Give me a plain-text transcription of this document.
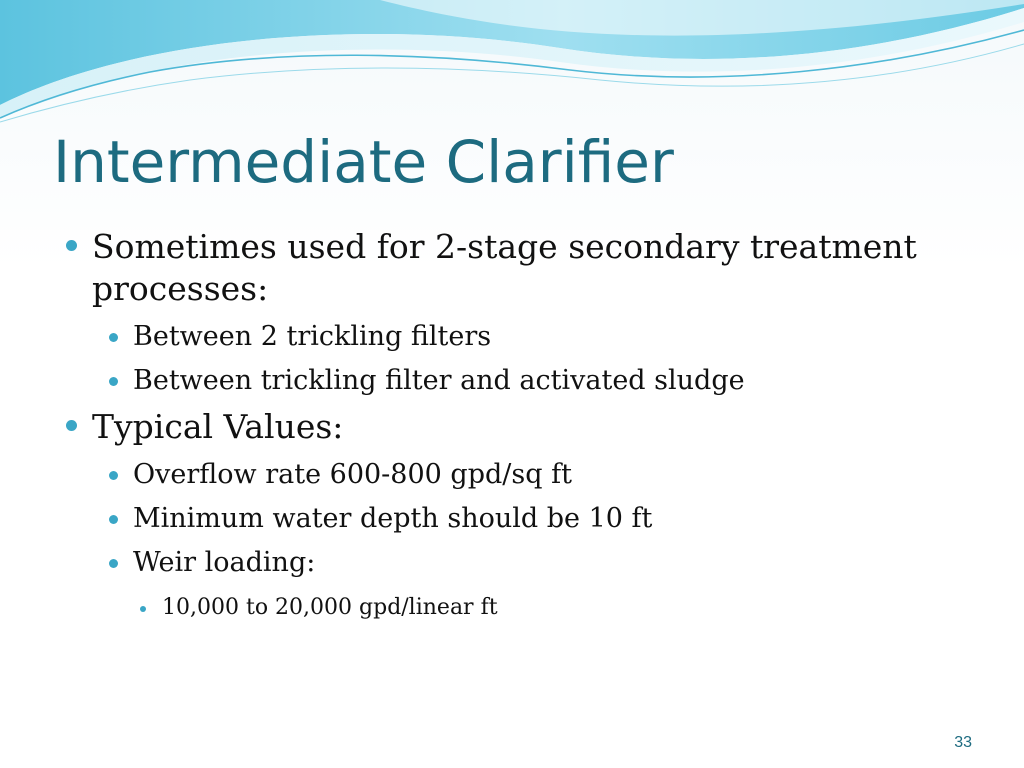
Intermediate Clarifier
Sometimes used for 2-stage secondary treatment processes:
Between 2 trickling filters
Between trickling filter and activated sludge
Typical Values:
Overflow rate 600-800 gpd/sq ft
Minimum water depth should be 10 ft
Weir loading:
10,000 to 20,000 gpd/linear ft
33
